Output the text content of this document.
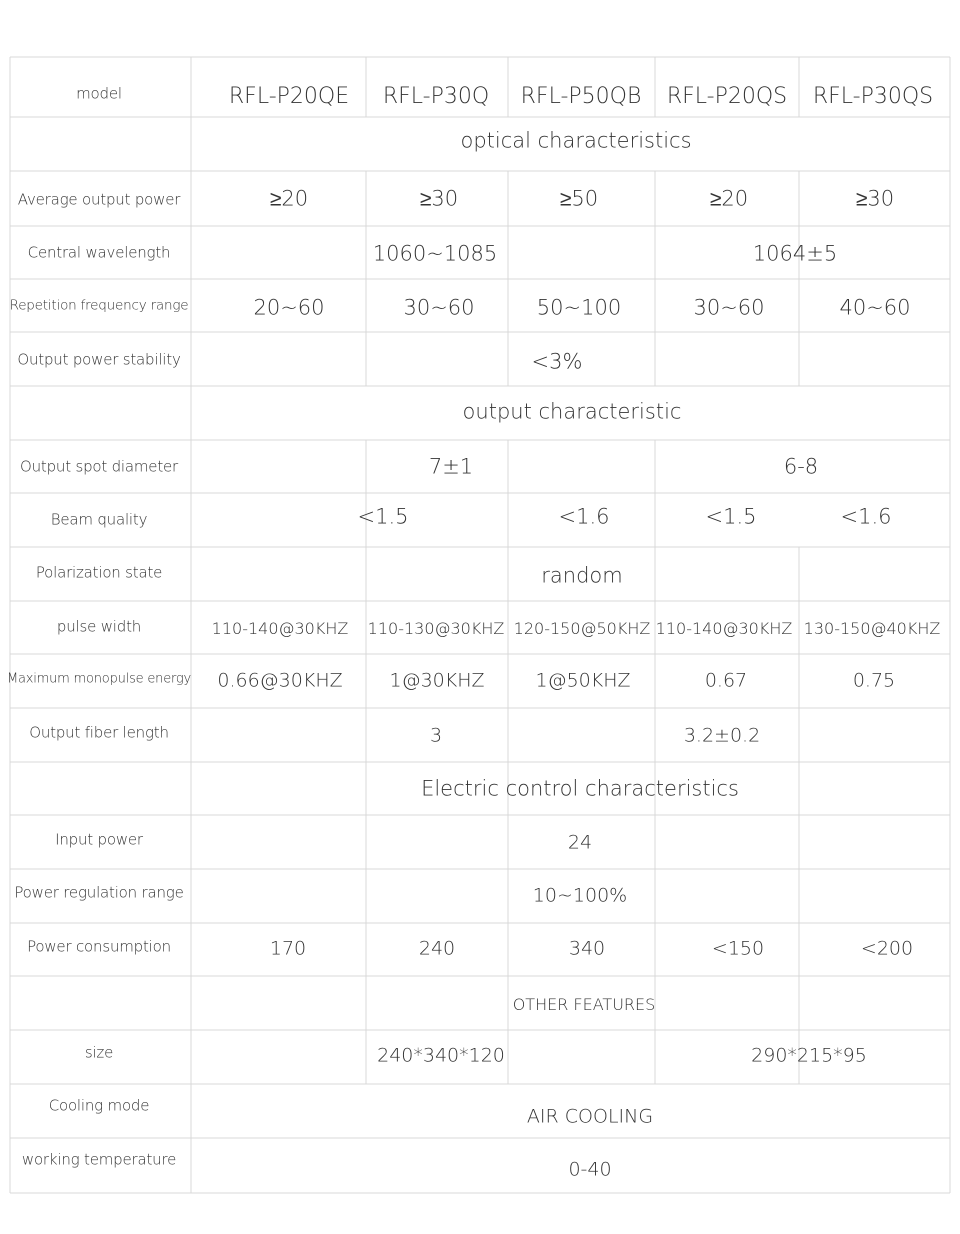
model	RFL-P20QE RFL-P30Q RFL-P50QB RFL-P20QS RFL-P30QS
optical characteristics
Average output power	≥20	≥30	≥50	≥20	≥30
Central wavelength	1060~1085	1064±5
Repetition frequency range	20~60	30~60	50~100	30~60	40~60
Output power stability	<3%
output characteristic
Output spot diameter	7±1	6-8
Beam quality	<1.5	<1.6	<1.5	<1.6
Polarization state	random
pulse width	110-140@30KHZ 110-130@30KHZ 120-150@50KHZ 110-140@30KHZ 130-150@40KHZ
Maximum monopulse energy 0.66@30KHZ 1@30KHZ	1@50KHZ	0.67	0.75
Output fiber length	3	3.2±0.2
Electric control characteristics
Input power	24
Power regulation range	10~100%
Power consumption	170	240	340	<150	<200
OTHER FEATURES
size	240*340*120	290*215*95
Cooling mode	AIR COOLING
working temperature	0-40
